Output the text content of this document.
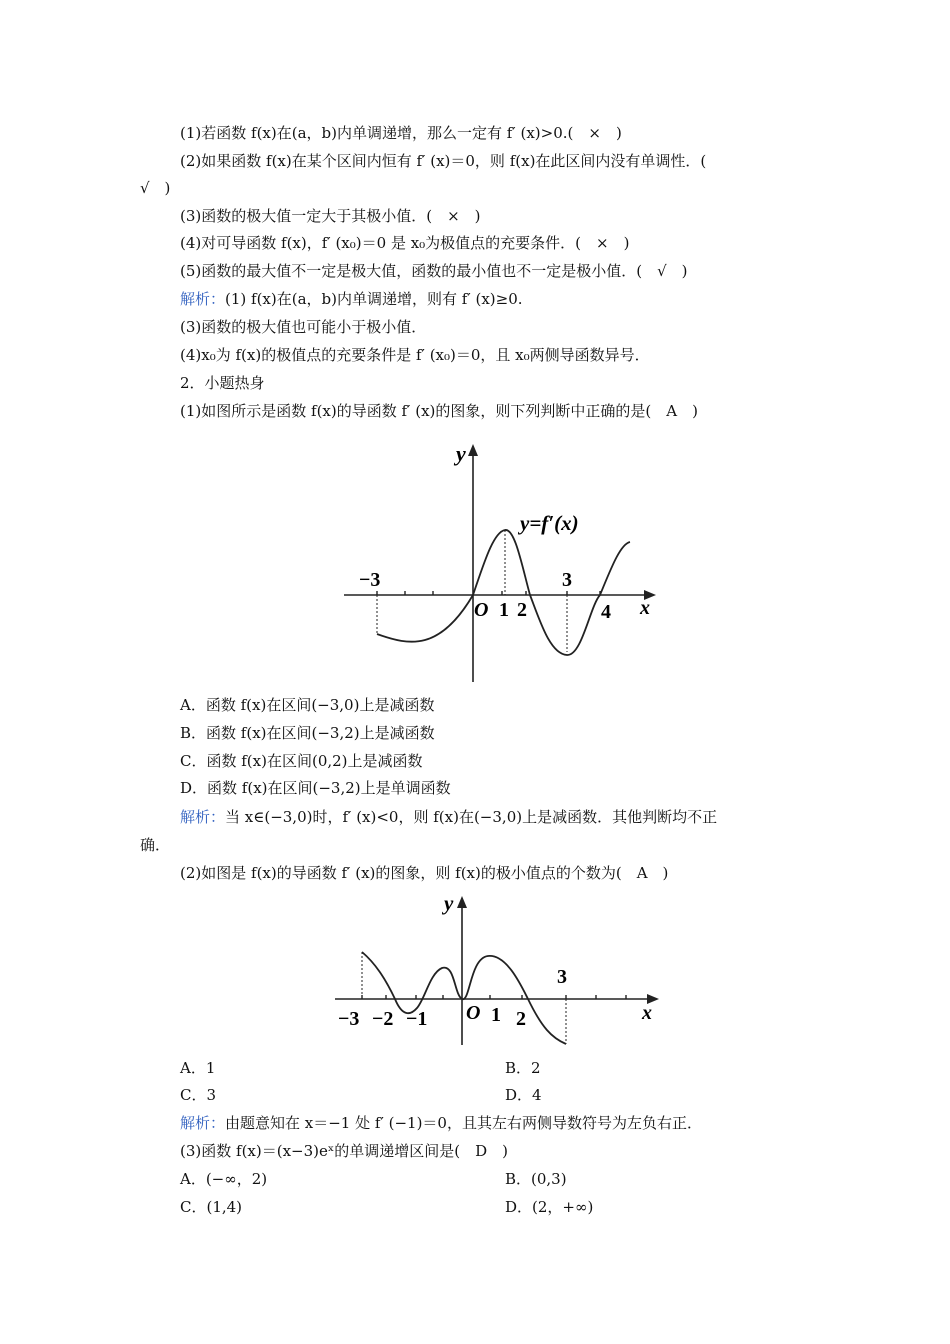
(1)若函数 f(x)在(a，b)内单调递增，那么一定有 f′ (x)>0.(　×　)
(2)如果函数 f(x)在某个区间内恒有 f′ (x)＝0，则 f(x)在此区间内没有单调性．(
√　)
(3)函数的极大值一定大于其极小值．(　×　)
(4)对可导函数 f(x)，f′ (x₀)＝0 是 x₀为极值点的充要条件．(　×　)
(5)函数的最大值不一定是极大值，函数的最小值也不一定是极小值．(　√　)
解析：(1) f(x)在(a，b)内单调递增，则有 f′ (x)≥0.
(3)函数的极大值也可能小于极小值．
(4)x₀为 f(x)的极值点的充要条件是 f′ (x₀)＝0，且 x₀两侧导函数异号．
2．小题热身
(1)如图所示是函数 f(x)的导函数 f′ (x)的图象，则下列判断中正确的是(　A　)
y
x
y=f′(x)
O
−3
1 2
3
4
A．函数 f(x)在区间(−3,0)上是减函数
B．函数 f(x)在区间(−3,2)上是减函数
C．函数 f(x)在区间(0,2)上是减函数
D．函数 f(x)在区间(−3,2)上是单调函数
解析：当 x∈(−3,0)时，f′ (x)<0，则 f(x)在(−3,0)上是减函数．其他判断均不正
确．
(2)如图是 f(x)的导函数 f′ (x)的图象，则 f(x)的极小值点的个数为(　A　)
y
x
O
−3 −2 −1	1 2
3
A．1	B．2
C．3	D．4
解析：由题意知在 x＝−1 处 f′ (−1)＝0，且其左右两侧导数符号为左负右正．
(3)函数 f(x)＝(x−3)eˣ的单调递增区间是(　D　)
A．(−∞，2)	B．(0,3)
C．(1,4)	D．(2，+∞)
